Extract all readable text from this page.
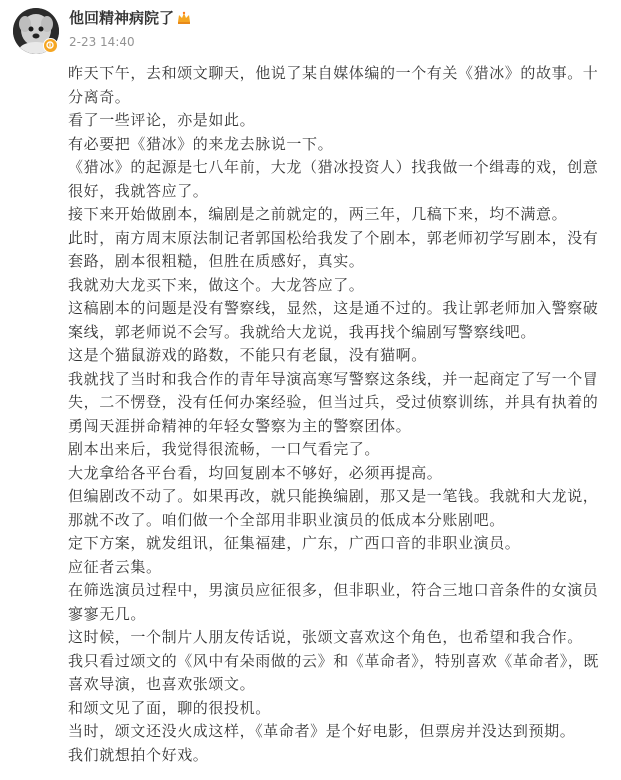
他回精神病院了
2-23 14:40

昨天下午，去和颂文聊天，他说了某自媒体编的一个有关《猎冰》的故事。十分离奇。

看了一些评论，亦是如此。

有必要把《猎冰》的来龙去脉说一下。

《猎冰》的起源是七八年前，大龙（猎冰投资人）找我做一个缉毒的戏，创意很好，我就答应了。

接下来开始做剧本，编剧是之前就定的，两三年，几稿下来，均不满意。

此时，南方周末原法制记者郭国松给我发了个剧本，郭老师初学写剧本，没有套路，剧本很粗糙，但胜在质感好，真实。

我就劝大龙买下来，做这个。大龙答应了。

这稿剧本的问题是没有警察线，显然，这是通不过的。我让郭老师加入警察破案线，郭老师说不会写。我就给大龙说，我再找个编剧写警察线吧。

这是个猫鼠游戏的路数，不能只有老鼠，没有猫啊。

我就找了当时和我合作的青年导演高寒写警察这条线，并一起商定了写一个冒失，二不愣登，没有任何办案经验，但当过兵，受过侦察训练，并具有执着的勇闯天涯拼命精神的年轻女警察为主的警察团体。

剧本出来后，我觉得很流畅，一口气看完了。

大龙拿给各平台看，均回复剧本不够好，必须再提高。

但编剧改不动了。如果再改，就只能换编剧，那又是一笔钱。我就和大龙说，那就不改了。咱们做一个全部用非职业演员的低成本分账剧吧。

定下方案，就发组讯，征集福建，广东，广西口音的非职业演员。

应征者云集。

在筛选演员过程中，男演员应征很多，但非职业，符合三地口音条件的女演员寥寥无几。

这时候，一个制片人朋友传话说，张颂文喜欢这个角色，也希望和我合作。

我只看过颂文的《风中有朵雨做的云》和《革命者》，特别喜欢《革命者》，既喜欢导演，也喜欢张颂文。

和颂文见了面，聊的很投机。

当时，颂文还没火成这样，《革命者》是个好电影，但票房并没达到预期。

我们就想拍个好戏。
